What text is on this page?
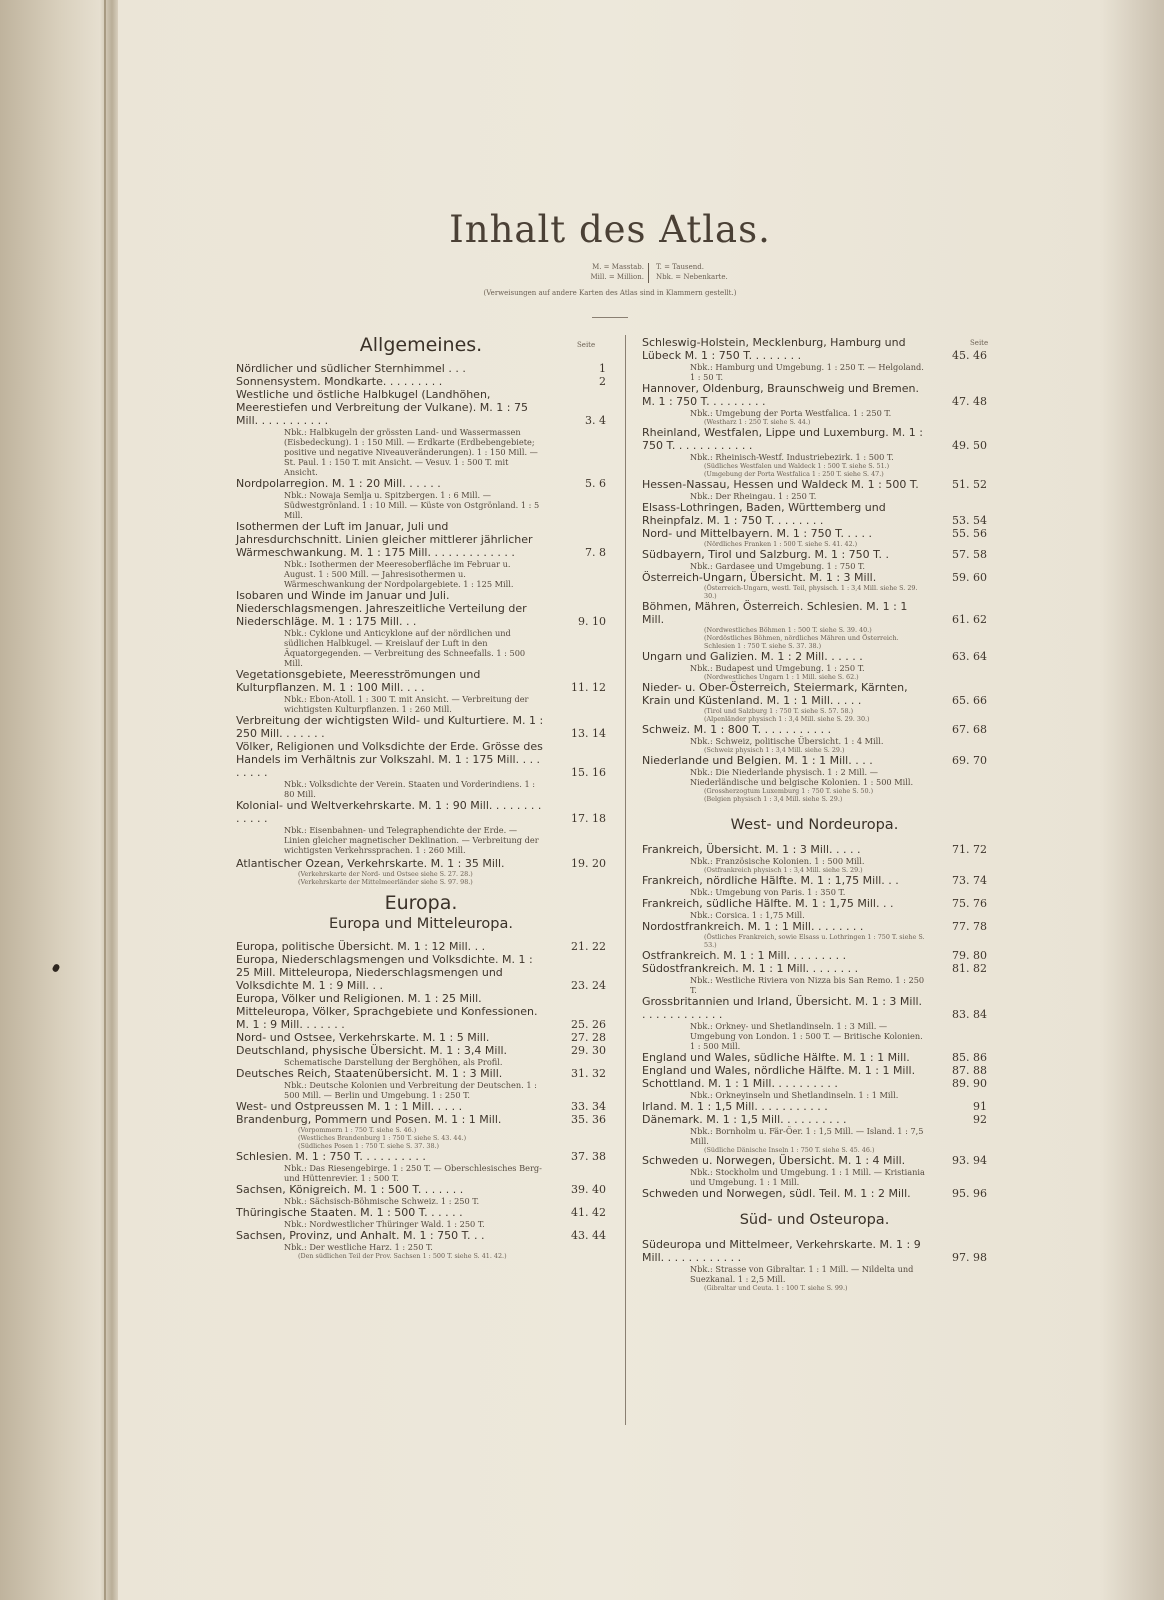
Inhalt des Atlas.
M. = Masstab.
Mill. = Million.
T. = Tausend.
Nbk. = Nebenkarte.
(Verweisungen auf andere Karten des Atlas sind in Klammern gestellt.)
Seite	Seite
Allgemeines.
Nördlicher und südlicher Sternhimmel . . .	1
Sonnensystem. Mondkarte. . . . . . . . .	2
Westliche und östliche Halbkugel (Landhöhen, Meerestiefen und Verbreitung der Vulkane). M. 1 : 75 Mill. . . . . . . . . . .	3. 4
Nbk.: Halbkugeln der grössten Land- und Wassermassen (Eisbedeckung). 1 : 150 Mill. — Erdkarte (Erdbebengebiete; positive und negative Niveauveränderungen). 1 : 150 Mill. — St. Paul. 1 : 150 T. mit Ansicht. — Vesuv. 1 : 500 T. mit Ansicht.
Nordpolarregion. M. 1 : 20 Mill. . . . . .	5. 6
Nbk.: Nowaja Semlja u. Spitzbergen. 1 : 6 Mill. — Südwestgrönland. 1 : 10 Mill. — Küste von Ostgrönland. 1 : 5 Mill.
Isothermen der Luft im Januar, Juli und Jahresdurchschnitt. Linien gleicher mittlerer jährlicher Wärmeschwankung. M. 1 : 175 Mill. . . . . . . . . . . . .	7. 8
Nbk.: Isothermen der Meeresoberfläche im Februar u. August. 1 : 500 Mill. — Jahresisothermen u. Wärmeschwankung der Nordpolargebiete. 1 : 125 Mill.
Isobaren und Winde im Januar und Juli. Niederschlagsmengen. Jahreszeitliche Verteilung der Niederschläge. M. 1 : 175 Mill. . .	9. 10
Nbk.: Cyklone und Anticyklone auf der nördlichen und südlichen Halbkugel. — Kreislauf der Luft in den Äquatorgegenden. — Verbreitung des Schneefalls. 1 : 500 Mill.
Vegetationsgebiete, Meeresströmungen und Kulturpflanzen. M. 1 : 100 Mill. . . .	11. 12
Nbk.: Ebon-Atoll. 1 : 300 T. mit Ansicht. — Verbreitung der wichtigsten Kulturpflanzen. 1 : 260 Mill.
Verbreitung der wichtigsten Wild- und Kulturtiere. M. 1 : 250 Mill. . . . . . .	13. 14
Völker, Religionen und Volksdichte der Erde. Grösse des Handels im Verhältnis zur Volkszahl. M. 1 : 175 Mill. . . . . . . . .	15. 16
Nbk.: Volksdichte der Verein. Staaten und Vorderindiens. 1 : 80 Mill.
Kolonial- und Weltverkehrskarte. M. 1 : 90 Mill. . . . . . . . . . . . .	17. 18
Nbk.: Eisenbahnen- und Telegraphendichte der Erde. — Linien gleicher magnetischer Deklination. — Verbreitung der wichtigsten Verkehrssprachen. 1 : 260 Mill.
Atlantischer Ozean, Verkehrskarte. M. 1 : 35 Mill.	19. 20
(Verkehrskarte der Nord- und Ostsee siehe S. 27. 28.)
(Verkehrskarte der Mittelmeerländer siehe S. 97. 98.)
Europa.
Europa und Mitteleuropa.
Europa, politische Übersicht. M. 1 : 12 Mill. . .	21. 22
Europa, Niederschlagsmengen und Volksdichte. M. 1 : 25 Mill. Mitteleuropa, Niederschlagsmengen und Volksdichte M. 1 : 9 Mill. . .	23. 24
Europa, Völker und Religionen. M. 1 : 25 Mill. Mitteleuropa, Völker, Sprachgebiete und Konfessionen. M. 1 : 9 Mill. . . . . . .	25. 26
Nord- und Ostsee, Verkehrskarte. M. 1 : 5 Mill.	27. 28
Deutschland, physische Übersicht. M. 1 : 3,4 Mill.	29. 30
Schematische Darstellung der Berghöhen, als Profil.
Deutsches Reich, Staatenübersicht. M. 1 : 3 Mill.	31. 32
Nbk.: Deutsche Kolonien und Verbreitung der Deutschen. 1 : 500 Mill. — Berlin und Umgebung. 1 : 250 T.
West- und Ostpreussen M. 1 : 1 Mill. . . . .	33. 34
Brandenburg, Pommern und Posen. M. 1 : 1 Mill.	35. 36
(Vorpommern 1 : 750 T. siehe S. 46.)
(Westliches Brandenburg 1 : 750 T. siehe S. 43. 44.)
(Südliches Posen 1 : 750 T. siehe S. 37. 38.)
Schlesien. M. 1 : 750 T. . . . . . . . . .	37. 38
Nbk.: Das Riesengebirge. 1 : 250 T. — Oberschlesisches Berg- und Hüttenrevier. 1 : 500 T.
Sachsen, Königreich. M. 1 : 500 T. . . . . . .	39. 40
Nbk.: Sächsisch-Böhmische Schweiz. 1 : 250 T.
Thüringische Staaten. M. 1 : 500 T. . . . . .	41. 42
Nbk.: Nordwestlicher Thüringer Wald. 1 : 250 T.
Sachsen, Provinz, und Anhalt. M. 1 : 750 T. . .	43. 44
Nbk.: Der westliche Harz. 1 : 250 T.
(Den südlichen Teil der Prov. Sachsen 1 : 500 T. siehe S. 41. 42.)
Schleswig-Holstein, Mecklenburg, Hamburg und Lübeck M. 1 : 750 T. . . . . . . .	45. 46
Nbk.: Hamburg und Umgebung. 1 : 250 T. — Helgoland. 1 : 50 T.
Hannover, Oldenburg, Braunschweig und Bremen. M. 1 : 750 T. . . . . . . . .	47. 48
Nbk.: Umgebung der Porta Westfalica. 1 : 250 T.
(Westharz 1 : 250 T. siehe S. 44.)
Rheinland, Westfalen, Lippe und Luxemburg. M. 1 : 750 T. . . . . . . . . . . .	49. 50
Nbk.: Rheinisch-Westf. Industriebezirk. 1 : 500 T.
(Südliches Westfalen und Waldeck 1 : 500 T. siehe S. 51.)
(Umgebung der Porta Westfalica 1 : 250 T. siehe S. 47.)
Hessen-Nassau, Hessen und Waldeck M. 1 : 500 T.	51. 52
Nbk.: Der Rheingau. 1 : 250 T.
Elsass-Lothringen, Baden, Württemberg und Rheinpfalz. M. 1 : 750 T. . . . . . . .	53. 54
Nord- und Mittelbayern. M. 1 : 750 T. . . . .	55. 56
(Nördliches Franken 1 : 500 T. siehe S. 41. 42.)
Südbayern, Tirol und Salzburg. M. 1 : 750 T. .	57. 58
Nbk.: Gardasee und Umgebung. 1 : 750 T.
Österreich-Ungarn, Übersicht. M. 1 : 3 Mill.	59. 60
(Österreich-Ungarn, westl. Teil, physisch. 1 : 3,4 Mill. siehe S. 29. 30.)
Böhmen, Mähren, Österreich. Schlesien. M. 1 : 1 Mill.	61. 62
(Nordwestliches Böhmen 1 : 500 T. siehe S. 39. 40.)
(Nordöstliches Böhmen, nördliches Mähren und Österreich. Schlesien 1 : 750 T. siehe S. 37. 38.)
Ungarn und Galizien. M. 1 : 2 Mill. . . . . .	63. 64
Nbk.: Budapest und Umgebung. 1 : 250 T.
(Nordwestliches Ungarn 1 : 1 Mill. siehe S. 62.)
Nieder- u. Ober-Österreich, Steiermark, Kärnten, Krain und Küstenland. M. 1 : 1 Mill. . . . .	65. 66
(Tirol und Salzburg 1 : 750 T. siehe S. 57. 58.)
(Alpenländer physisch 1 : 3,4 Mill. siehe S. 29. 30.)
Schweiz. M. 1 : 800 T. . . . . . . . . . .	67. 68
Nbk.: Schweiz, politische Übersicht. 1 : 4 Mill.
(Schweiz physisch 1 : 3,4 Mill. siehe S. 29.)
Niederlande und Belgien. M. 1 : 1 Mill. . . .	69. 70
Nbk.: Die Niederlande physisch. 1 : 2 Mill. — Niederländische und belgische Kolonien. 1 : 500 Mill.
(Grossherzogtum Luxemburg 1 : 750 T. siehe S. 50.)
(Belgien physisch 1 : 3,4 Mill. siehe S. 29.)
West- und Nordeuropa.
Frankreich, Übersicht. M. 1 : 3 Mill. . . . .	71. 72
Nbk.: Französische Kolonien. 1 : 500 Mill.
(Ostfrankreich physisch 1 : 3,4 Mill. siehe S. 29.)
Frankreich, nördliche Hälfte. M. 1 : 1,75 Mill. . .	73. 74
Nbk.: Umgebung von Paris. 1 : 350 T.
Frankreich, südliche Hälfte. M. 1 : 1,75 Mill. . .	75. 76
Nbk.: Corsica. 1 : 1,75 Mill.
Nordostfrankreich. M. 1 : 1 Mill. . . . . . . .	77. 78
(Östliches Frankreich, sowie Elsass u. Lothringen 1 : 750 T. siehe S. 53.)
Ostfrankreich. M. 1 : 1 Mill. . . . . . . . .	79. 80
Südostfrankreich. M. 1 : 1 Mill. . . . . . . .	81. 82
Nbk.: Westliche Riviera von Nizza bis San Remo. 1 : 250 T.
Grossbritannien und Irland, Übersicht. M. 1 : 3 Mill. . . . . . . . . . . . .	83. 84
Nbk.: Orkney- und Shetlandinseln. 1 : 3 Mill. — Umgebung von London. 1 : 500 T. — Britische Kolonien. 1 : 500 Mill.
England und Wales, südliche Hälfte. M. 1 : 1 Mill.	85. 86
England und Wales, nördliche Hälfte. M. 1 : 1 Mill.	87. 88
Schottland. M. 1 : 1 Mill. . . . . . . . . .	89. 90
Nbk.: Orkneyinseln und Shetlandinseln. 1 : 1 Mill.
Irland. M. 1 : 1,5 Mill. . . . . . . . . . .	91
Dänemark. M. 1 : 1,5 Mill. . . . . . . . . .	92
Nbk.: Bornholm u. Fär-Öer. 1 : 1,5 Mill. — Island. 1 : 7,5 Mill.
(Südliche Dänische Inseln 1 : 750 T. siehe S. 45. 46.)
Schweden u. Norwegen, Übersicht. M. 1 : 4 Mill.	93. 94
Nbk.: Stockholm und Umgebung. 1 : 1 Mill. — Kristiania und Umgebung. 1 : 1 Mill.
Schweden und Norwegen, südl. Teil. M. 1 : 2 Mill.	95. 96
Süd- und Osteuropa.
Südeuropa und Mittelmeer, Verkehrskarte. M. 1 : 9 Mill. . . . . . . . . . . .	97. 98
Nbk.: Strasse von Gibraltar. 1 : 1 Mill. — Nildelta und Suezkanal. 1 : 2,5 Mill.
(Gibraltar und Ceuta. 1 : 100 T. siehe S. 99.)
